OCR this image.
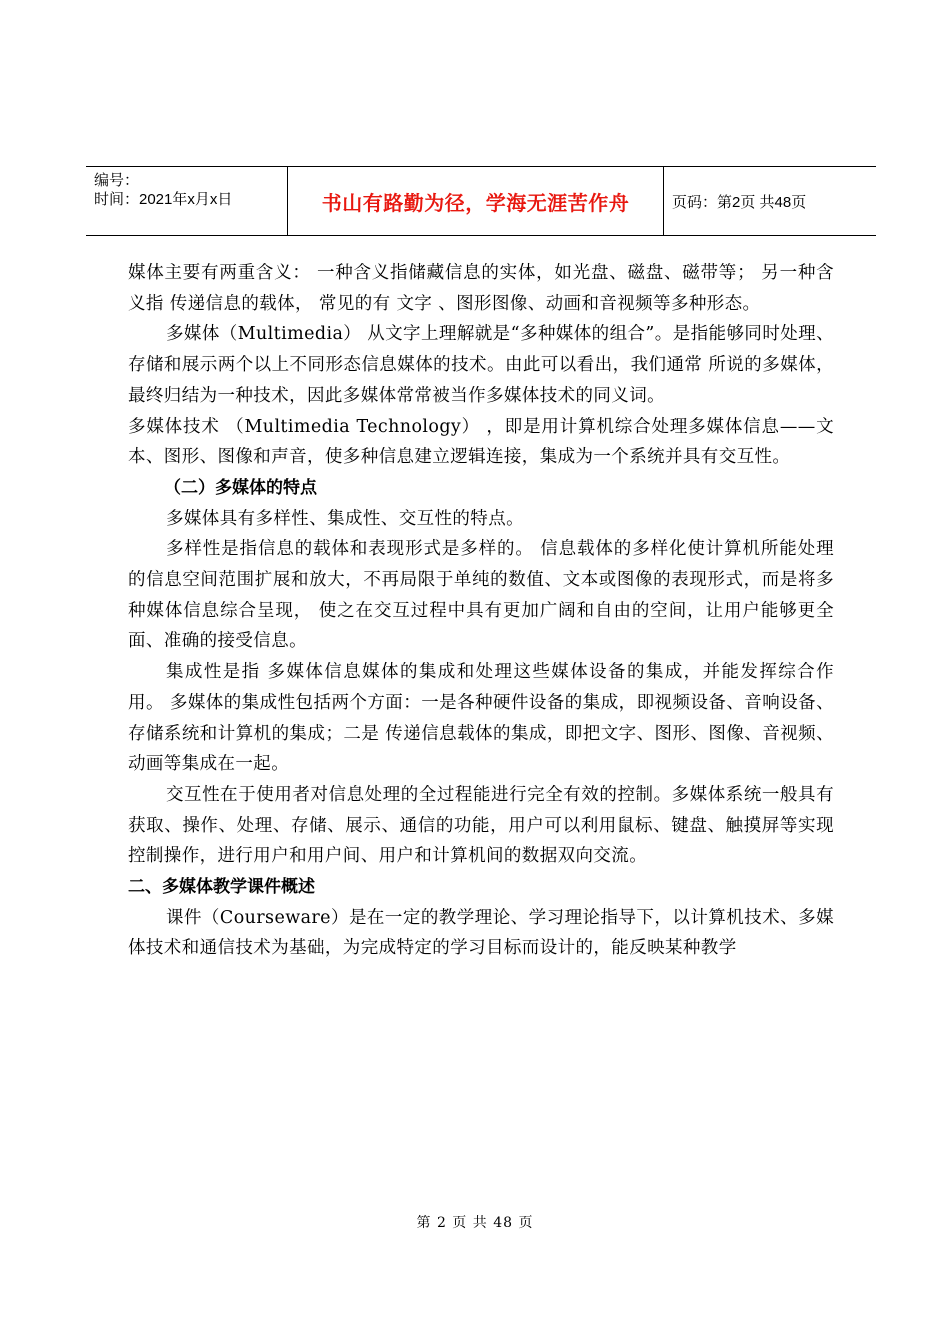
编号：
时间：2021年x月x日	书山有路勤为径，学海无涯苦作舟	页码：第2页 共48页

媒体主要有两重含义： 一种含义指储藏信息的实体，如光盘、磁盘、磁带等； 另一种含义指 传递信息的载体， 常见的有 文字 、图形图像、动画和音视频等多种形态。

多媒体（Multimedia） 从文字上理解就是“多种媒体的组合”。是指能够同时处理、存储和展示两个以上不同形态信息媒体的技术。由此可以看出，我们通常 所说的多媒体，最终归结为一种技术，因此多媒体常常被当作多媒体技术的同义词。

多媒体技术 （Multimedia Technology） ，即是用计算机综合处理多媒体信息——文本、图形、图像和声音，使多种信息建立逻辑连接，集成为一个系统并具有交互性。

（二）多媒体的特点

多媒体具有多样性、集成性、交互性的特点。

多样性是指信息的载体和表现形式是多样的。 信息载体的多样化使计算机所能处理的信息空间范围扩展和放大，不再局限于单纯的数值、文本或图像的表现形式，而是将多种媒体信息综合呈现， 使之在交互过程中具有更加广阔和自由的空间，让用户能够更全面、准确的接受信息。

集成性是指 多媒体信息媒体的集成和处理这些媒体设备的集成，并能发挥综合作用。 多媒体的集成性包括两个方面：一是各种硬件设备的集成，即视频设备、音响设备、存储系统和计算机的集成；二是 传递信息载体的集成，即把文字、图形、图像、音视频、动画等集成在一起。

交互性在于使用者对信息处理的全过程能进行完全有效的控制。多媒体系统一般具有获取、操作、处理、存储、展示、通信的功能，用户可以利用鼠标、键盘、触摸屏等实现控制操作，进行用户和用户间、用户和计算机间的数据双向交流。

二、多媒体教学课件概述

课件（Courseware）是在一定的教学理论、学习理论指导下，以计算机技术、多媒体技术和通信技术为基础，为完成特定的学习目标而设计的，能反映某种教学

第 2 页 共 48 页
